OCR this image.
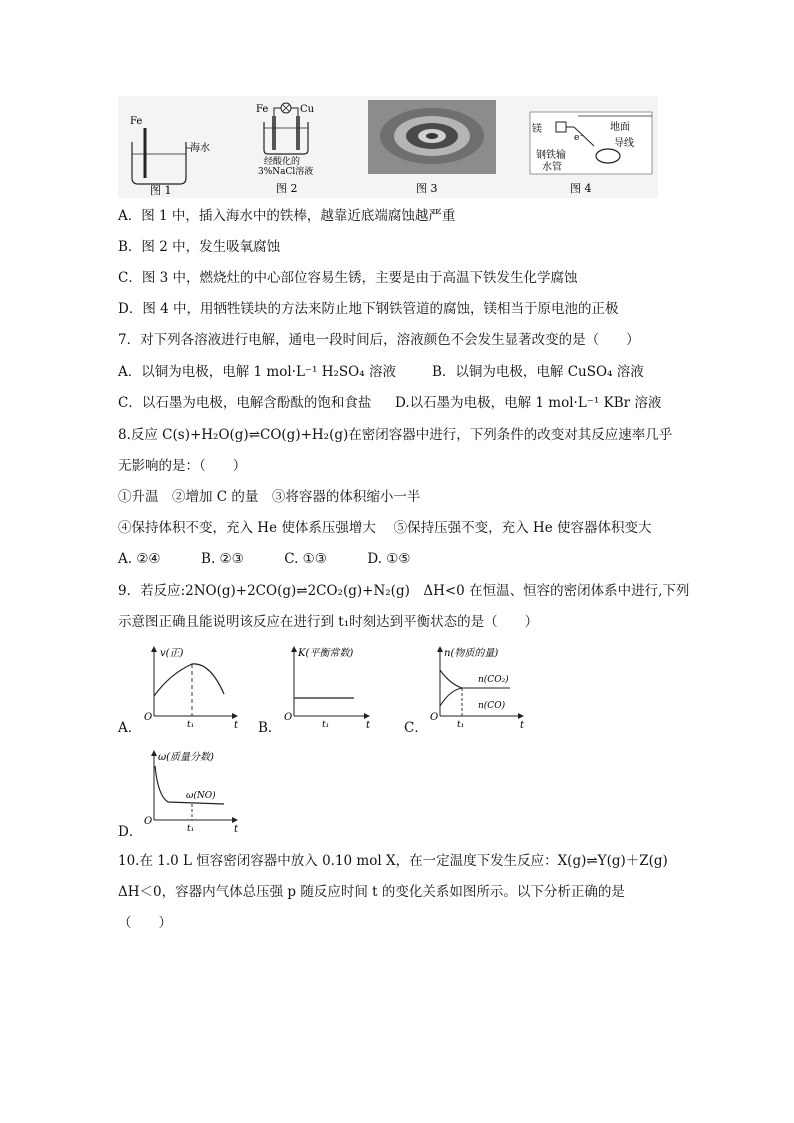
Fe
海水
图 1
Fe	Cu
经酸化的
3%NaCl溶液
图 2	图 3
镁	地面
导线
e⁻
钢铁输
水管
图 4
A．图 1 中，插入海水中的铁棒，越靠近底端腐蚀越严重
B．图 2 中，发生吸氧腐蚀
C．图 3 中，燃烧灶的中心部位容易生锈，主要是由于高温下铁发生化学腐蚀
D．图 4 中，用牺牲镁块的方法来防止地下钢铁管道的腐蚀，镁相当于原电池的正极
7．对下列各溶液进行电解，通电一段时间后，溶液颜色不会发生显著改变的是（　　）
A．以铜为电极，电解 1 mol·L⁻¹ H₂SO₄ 溶液	B．以铜为电极，电解 CuSO₄ 溶液
C．以石墨为电极，电解含酚酞的饱和食盐 D.以石墨为电极，电解 1 mol·L⁻¹ KBr 溶液
8.反应 C(s)+H₂O(g)⇌CO(g)+H₂(g)在密闭容器中进行，下列条件的改变对其反应速率几乎
无影响的是：（　　）
①升温　②增加 C 的量　③将容器的体积缩小一半
④保持体积不变，充入 He 使体系压强增大　 ⑤保持压强不变，充入 He 使容器体积变大
A. ②④　　　B. ②③　　　C. ①③　　　D. ①⑤
9．若反应:2NO(g)+2CO(g)⇌2CO₂(g)+N₂(g)　ΔH<0 在恒温、恒容的密闭体系中进行,下列
示意图正确且能说明该反应在进行到 t₁时刻达到平衡状态的是（　　）
A．
v(正)
O
t₁	t B．
K(平衡常数)
O
t₁	t	C．
n(物质的量)
n(CO₂)
n(CO)
O
t₁	t
D．
ω(质量分数)
ω(NO)
O
t₁	t
10.在 1.0 L 恒容密闭容器中放入 0.10 mol X，在一定温度下发生反应：X(g)⇌Y(g)＋Z(g)
ΔH＜0，容器内气体总压强 p 随反应时间 t 的变化关系如图所示。以下分析正确的是
（　　）
